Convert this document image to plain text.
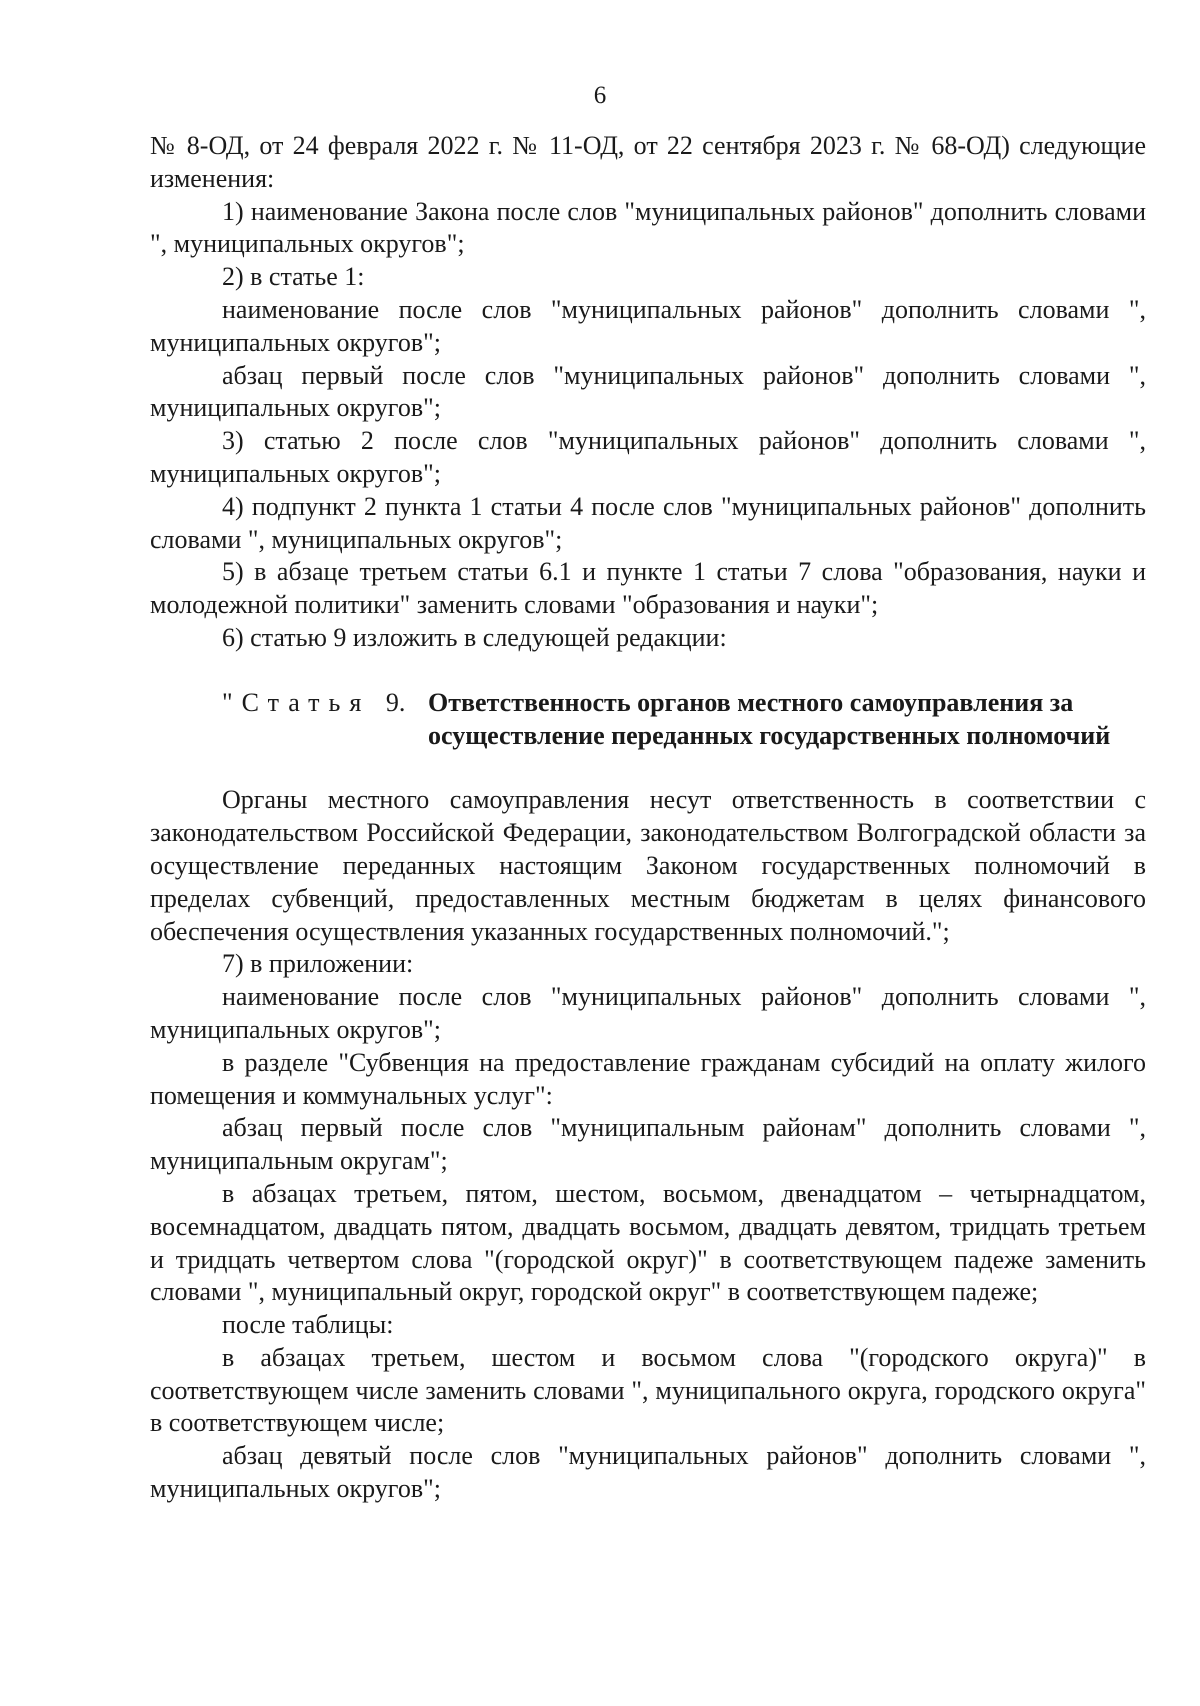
6

№ 8-ОД, от 24 февраля 2022 г. № 11-ОД, от 22 сентября 2023 г. № 68-ОД) следующие изменения:

1) наименование Закона после слов "муниципальных районов" дополнить словами ", муниципальных округов";

2) в статье 1:

наименование после слов "муниципальных районов" дополнить словами ", муниципальных округов";

абзац первый после слов "муниципальных районов" дополнить словами ", муниципальных округов";

3) статью 2 после слов "муниципальных районов" дополнить словами ", муниципальных округов";

4) подпункт 2 пункта 1 статьи 4 после слов "муниципальных районов" дополнить словами ", муниципальных округов";

5) в абзаце третьем статьи 6.1 и пункте 1 статьи 7 слова "образования, науки и молодежной политики" заменить словами "образования и науки";

6) статью 9 изложить в следующей редакции:

"Статья 9. Ответственность органов местного самоуправления за осуществление переданных государственных полномочий

Органы местного самоуправления несут ответственность в соответствии с законодательством Российской Федерации, законодательством Волгоградской области за осуществление переданных настоящим Законом государственных полномочий в пределах субвенций, предоставленных местным бюджетам в целях финансового обеспечения осуществления указанных государственных полномочий.";

7) в приложении:

наименование после слов "муниципальных районов" дополнить словами ", муниципальных округов";

в разделе "Субвенция на предоставление гражданам субсидий на оплату жилого помещения и коммунальных услуг":

абзац первый после слов "муниципальным районам" дополнить словами ", муниципальным округам";

в абзацах третьем, пятом, шестом, восьмом, двенадцатом – четырнадцатом, восемнадцатом, двадцать пятом, двадцать восьмом, двадцать девятом, тридцать третьем и тридцать четвертом слова "(городской округ)" в соответствующем падеже заменить словами ", муниципальный округ, городской округ" в соответствующем падеже;

после таблицы:

в абзацах третьем, шестом и восьмом слова "(городского округа)" в соответствующем числе заменить словами ", муниципального округа, городского округа" в соответствующем числе;

абзац девятый после слов "муниципальных районов" дополнить словами ", муниципальных округов";
